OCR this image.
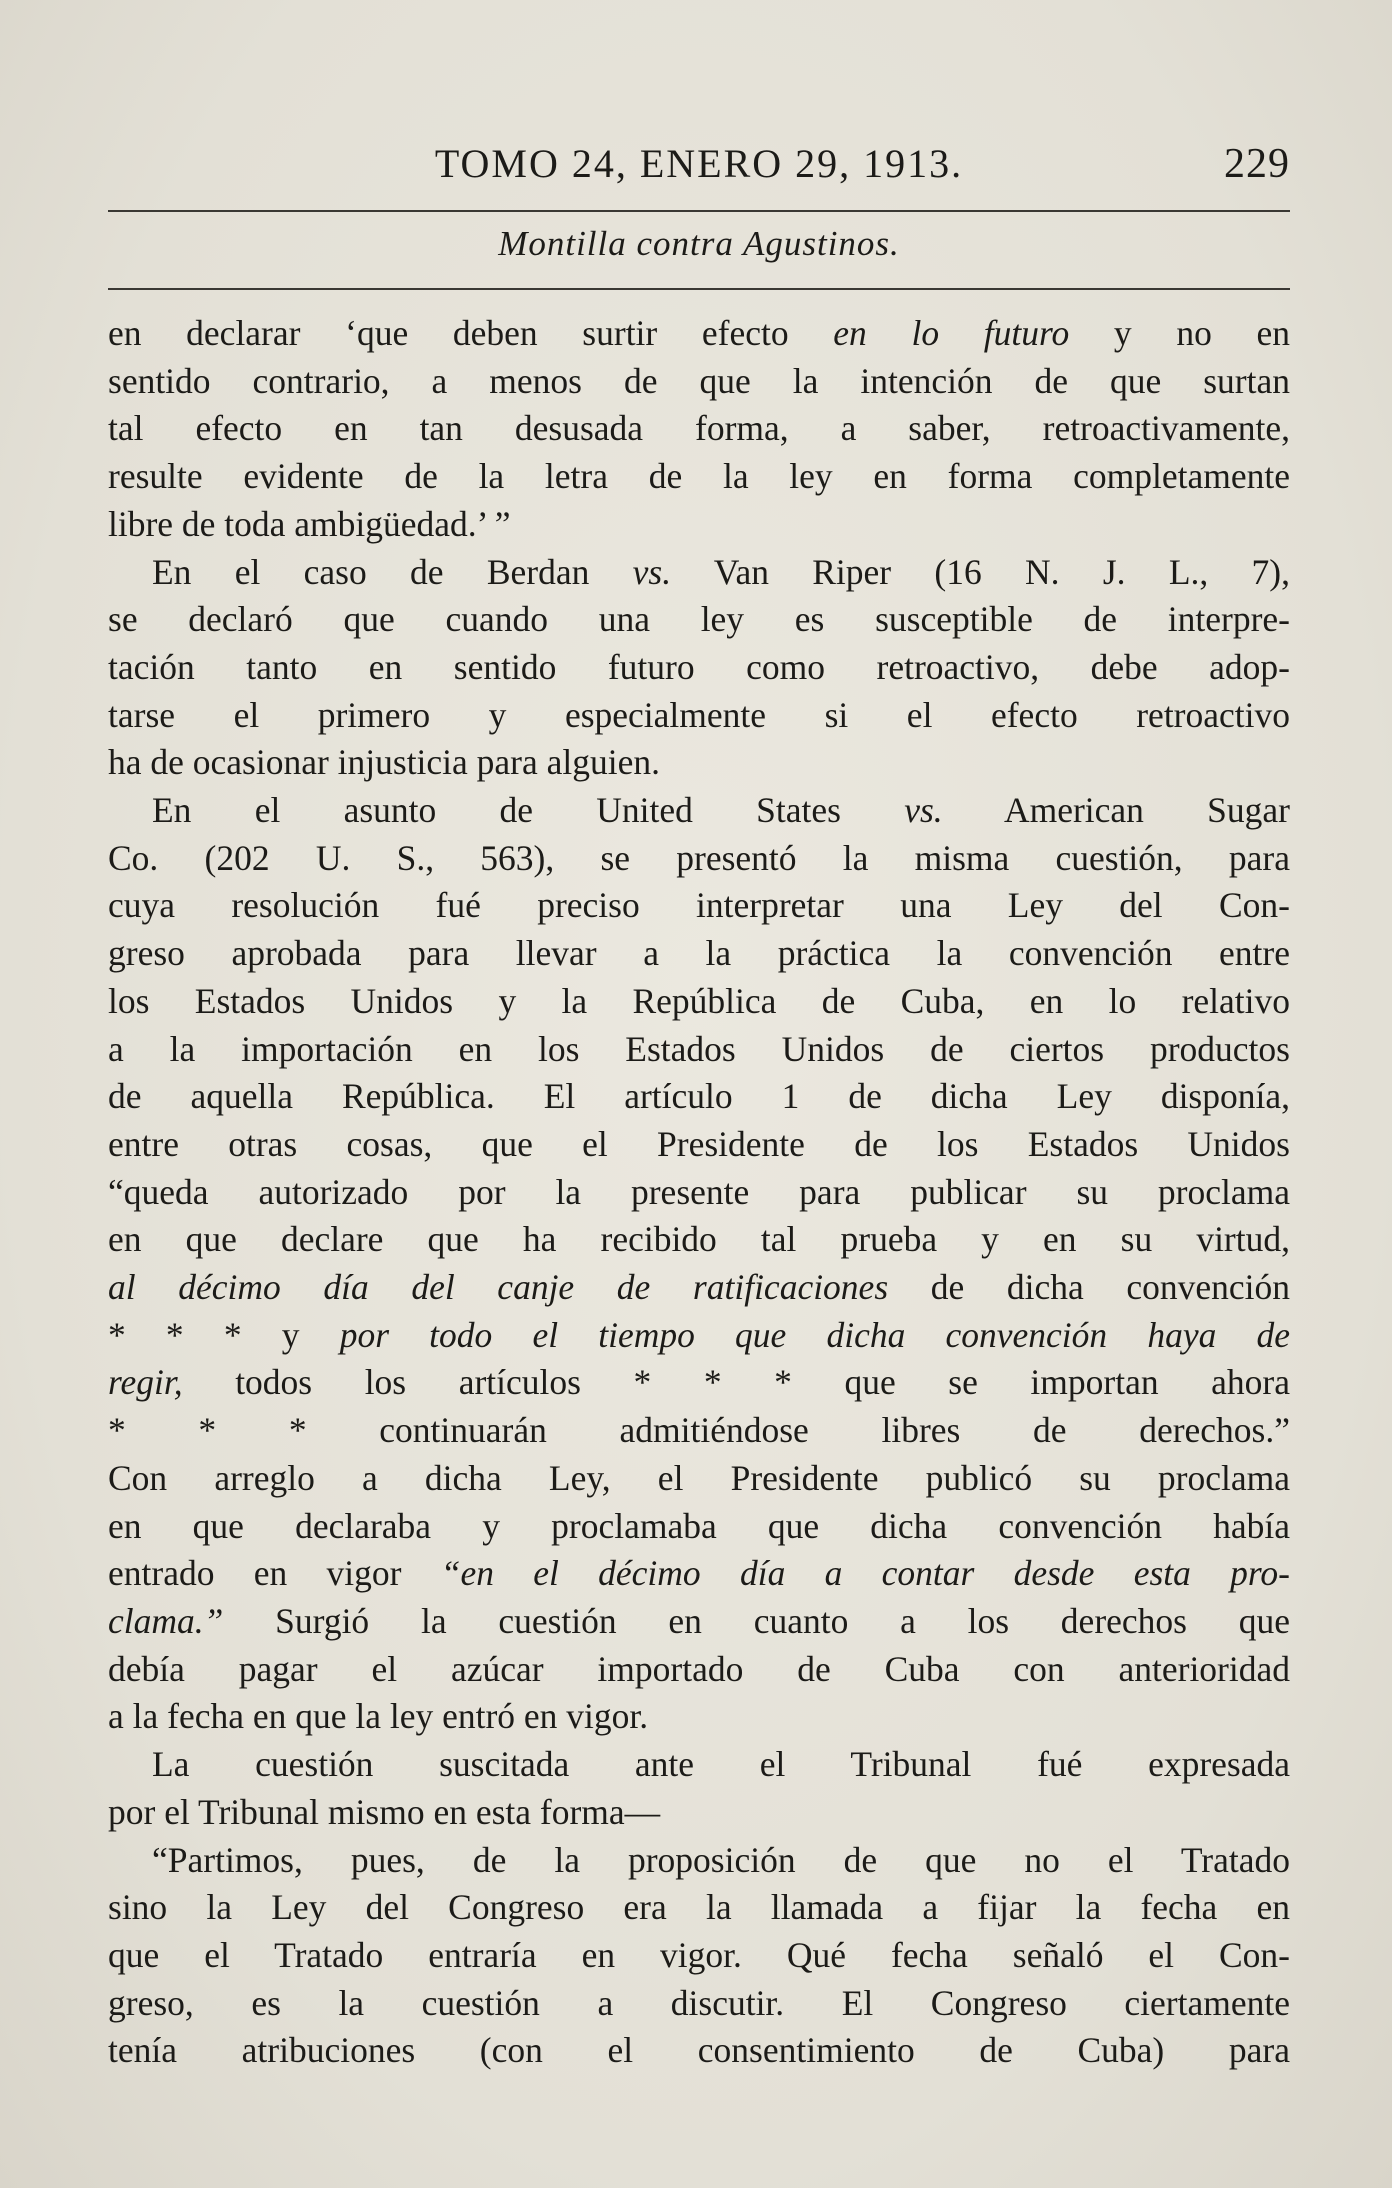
TOMO 24, ENERO 29, 1913.	229
Montilla contra Agustinos.
en declarar ‘que deben surtir efecto en lo futuro y no en
sentido contrario, a menos de que la intención de que surtan
tal efecto en tan desusada forma, a saber, retroactivamente,
resulte evidente de la letra de la ley en forma completamente
libre de toda ambigüedad.’ ”
En el caso de Berdan vs. Van Riper (16 N. J. L., 7),
se declaró que cuando una ley es susceptible de interpre-
tación tanto en sentido futuro como retroactivo, debe adop-
tarse el primero y especialmente si el efecto retroactivo
ha de ocasionar injusticia para alguien.
En el asunto de United States vs. American Sugar
Co. (202 U. S., 563), se presentó la misma cuestión, para
cuya resolución fué preciso interpretar una Ley del Con-
greso aprobada para llevar a la práctica la convención entre
los Estados Unidos y la República de Cuba, en lo relativo
a la importación en los Estados Unidos de ciertos productos
de aquella República. El artículo 1 de dicha Ley disponía,
entre otras cosas, que el Presidente de los Estados Unidos
“queda autorizado por la presente para publicar su proclama
en que declare que ha recibido tal prueba y en su virtud,
al décimo día del canje de ratificaciones de dicha convención
* * * y por todo el tiempo que dicha convención haya de
regir, todos los artículos * * * que se importan ahora
* * * continuarán admitiéndose libres de derechos.”
Con arreglo a dicha Ley, el Presidente publicó su proclama
en que declaraba y proclamaba que dicha convención había
entrado en vigor “en el décimo día a contar desde esta pro-
clama.” Surgió la cuestión en cuanto a los derechos que
debía pagar el azúcar importado de Cuba con anterioridad
a la fecha en que la ley entró en vigor.
La cuestión suscitada ante el Tribunal fué expresada
por el Tribunal mismo en esta forma—
“Partimos, pues, de la proposición de que no el Tratado
sino la Ley del Congreso era la llamada a fijar la fecha en
que el Tratado entraría en vigor. Qué fecha señaló el Con-
greso, es la cuestión a discutir. El Congreso ciertamente
tenía atribuciones (con el consentimiento de Cuba) para
